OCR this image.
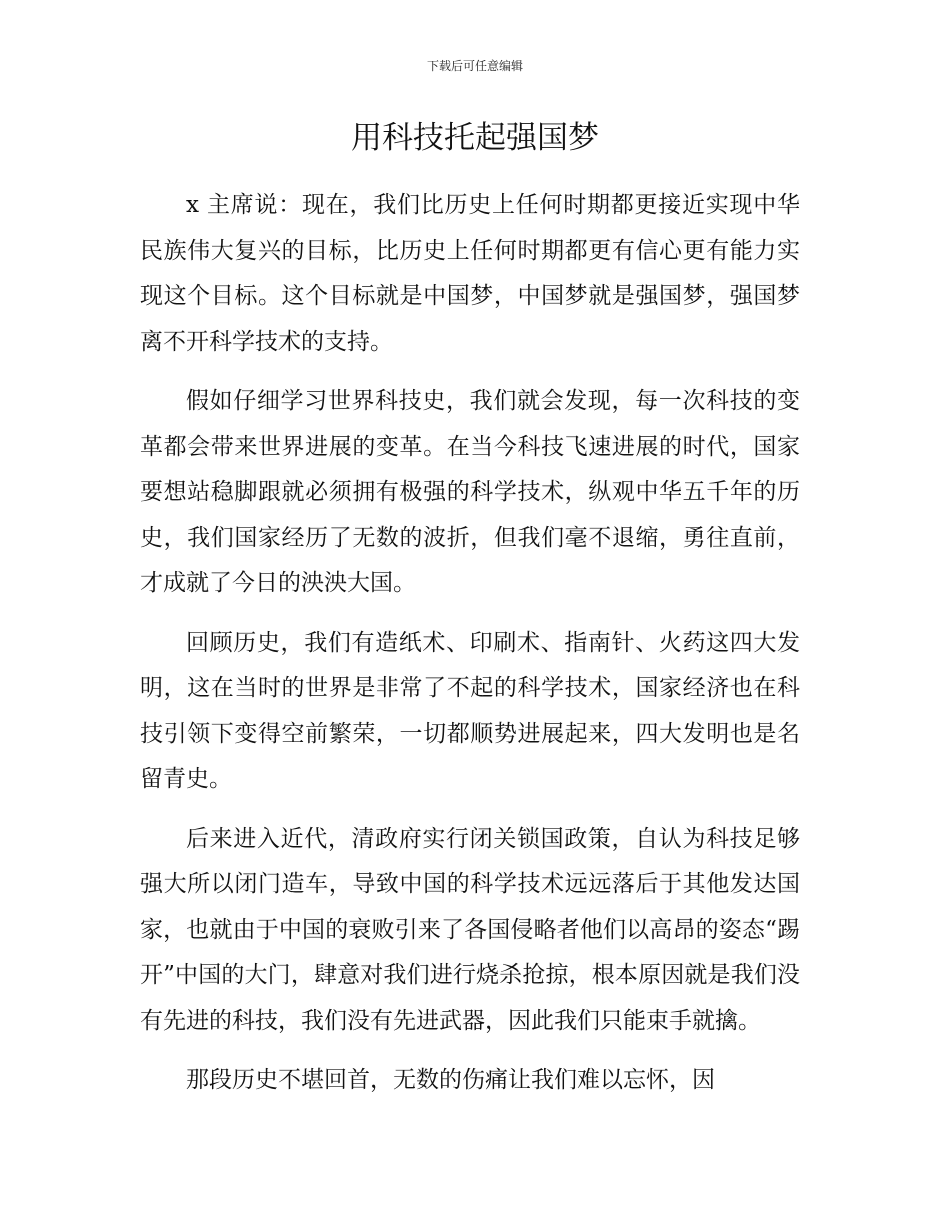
下载后可任意编辑
用科技托起强国梦

x 主席说：现在，我们比历史上任何时期都更接近实现中华民族伟大复兴的目标，比历史上任何时期都更有信心更有能力实现这个目标。这个目标就是中国梦，中国梦就是强国梦，强国梦离不开科学技术的支持。

假如仔细学习世界科技史，我们就会发现，每一次科技的变革都会带来世界进展的变革。在当今科技飞速进展的时代，国家要想站稳脚跟就必须拥有极强的科学技术，纵观中华五千年的历史，我们国家经历了无数的波折，但我们毫不退缩，勇往直前，才成就了今日的泱泱大国。

回顾历史，我们有造纸术、印刷术、指南针、火药这四大发明，这在当时的世界是非常了不起的科学技术，国家经济也在科技引领下变得空前繁荣，一切都顺势进展起来，四大发明也是名留青史。

后来进入近代，清政府实行闭关锁国政策，自认为科技足够强大所以闭门造车，导致中国的科学技术远远落后于其他发达国家，也就由于中国的衰败引来了各国侵略者他们以高昂的姿态“踢开”中国的大门，肆意对我们进行烧杀抢掠，根本原因就是我们没有先进的科技，我们没有先进武器，因此我们只能束手就擒。

那段历史不堪回首，无数的伤痛让我们难以忘怀，因
